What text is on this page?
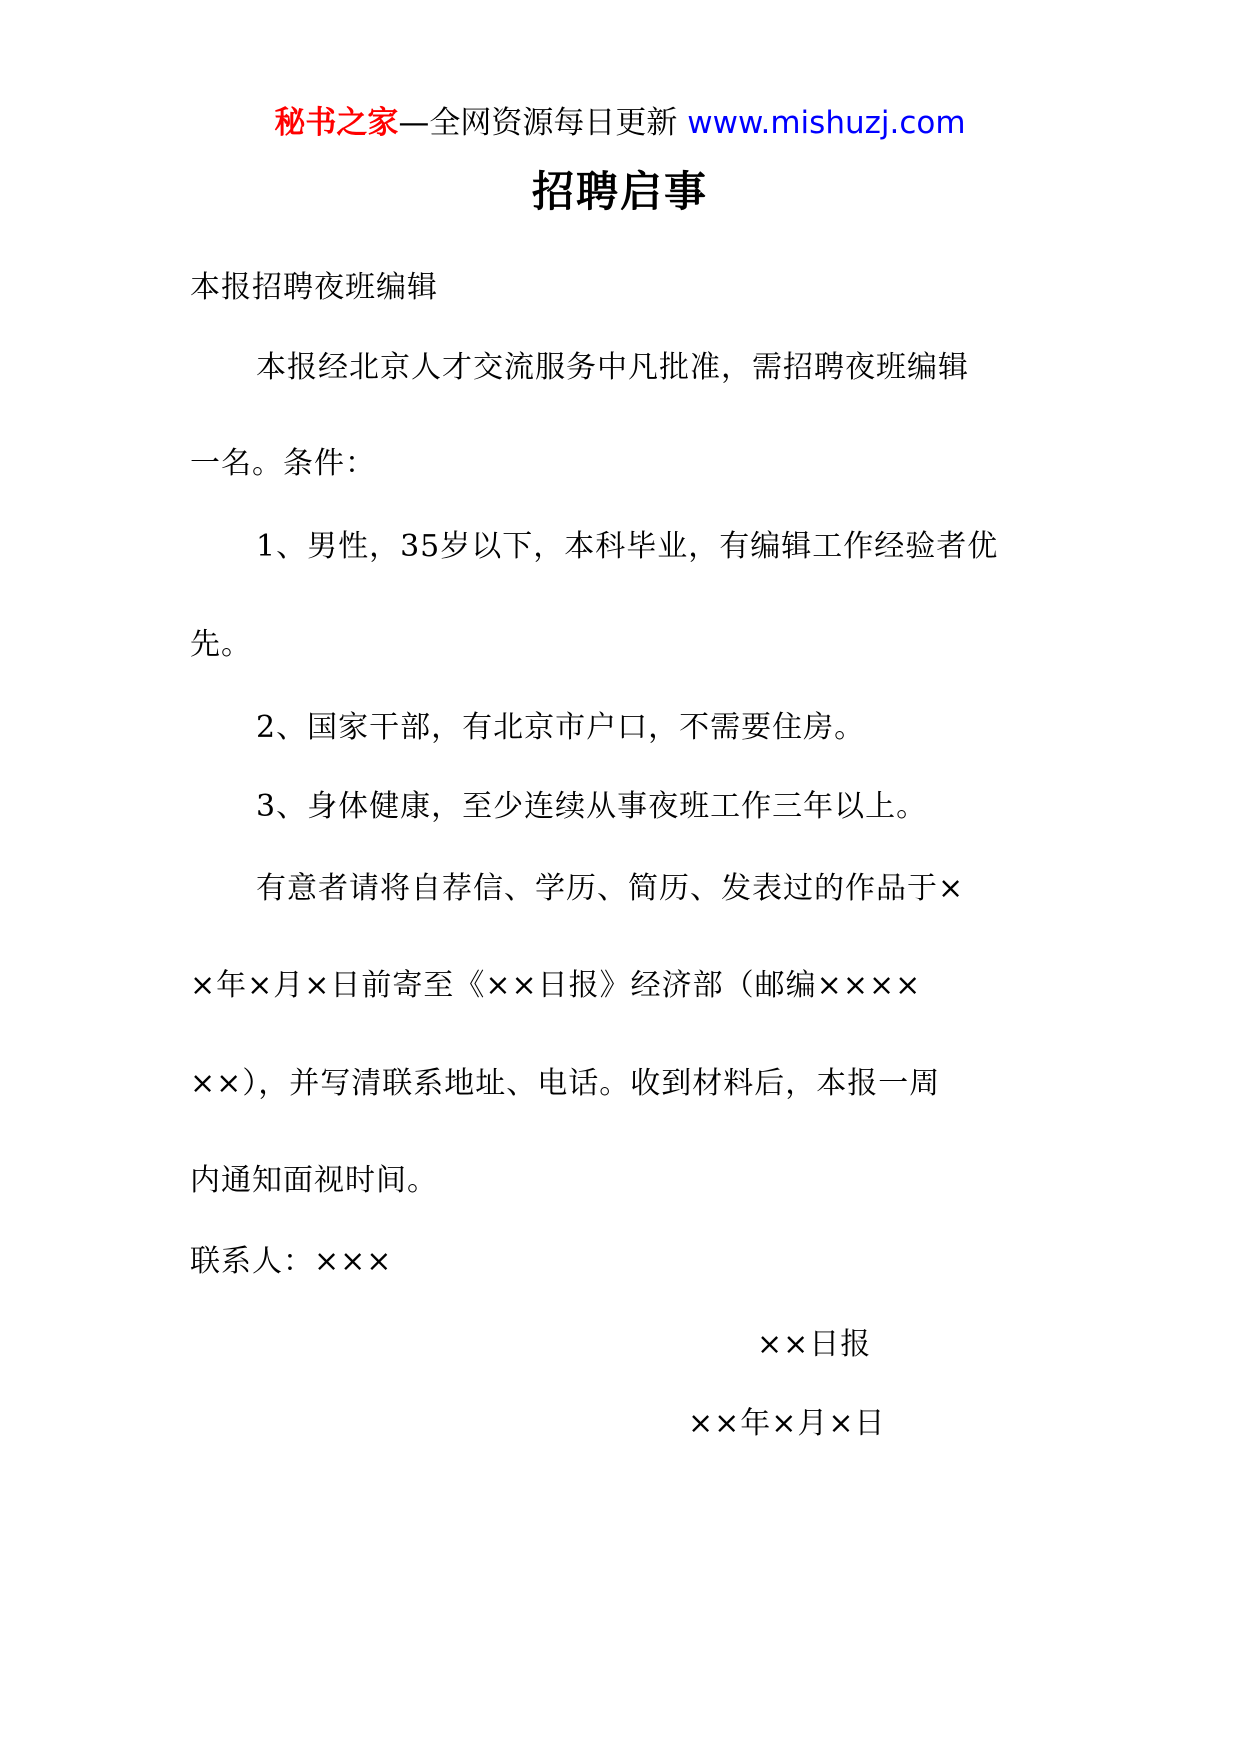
秘书之家—全网资源每日更新 www.mishuzj.com
招聘启事
本报招聘夜班编辑
本报经北京人才交流服务中凡批准，需招聘夜班编辑
一名。条件：
1、男性，35岁以下，本科毕业，有编辑工作经验者优
先。
2、国家干部，有北京市户口，不需要住房。
3、身体健康，至少连续从事夜班工作三年以上。
有意者请将自荐信、学历、简历、发表过的作品于×
×年×月×日前寄至《××日报》经济部（邮编××××
××），并写清联系地址、电话。收到材料后，本报一周
内通知面视时间。
联系人：×××
××日报
××年×月×日
